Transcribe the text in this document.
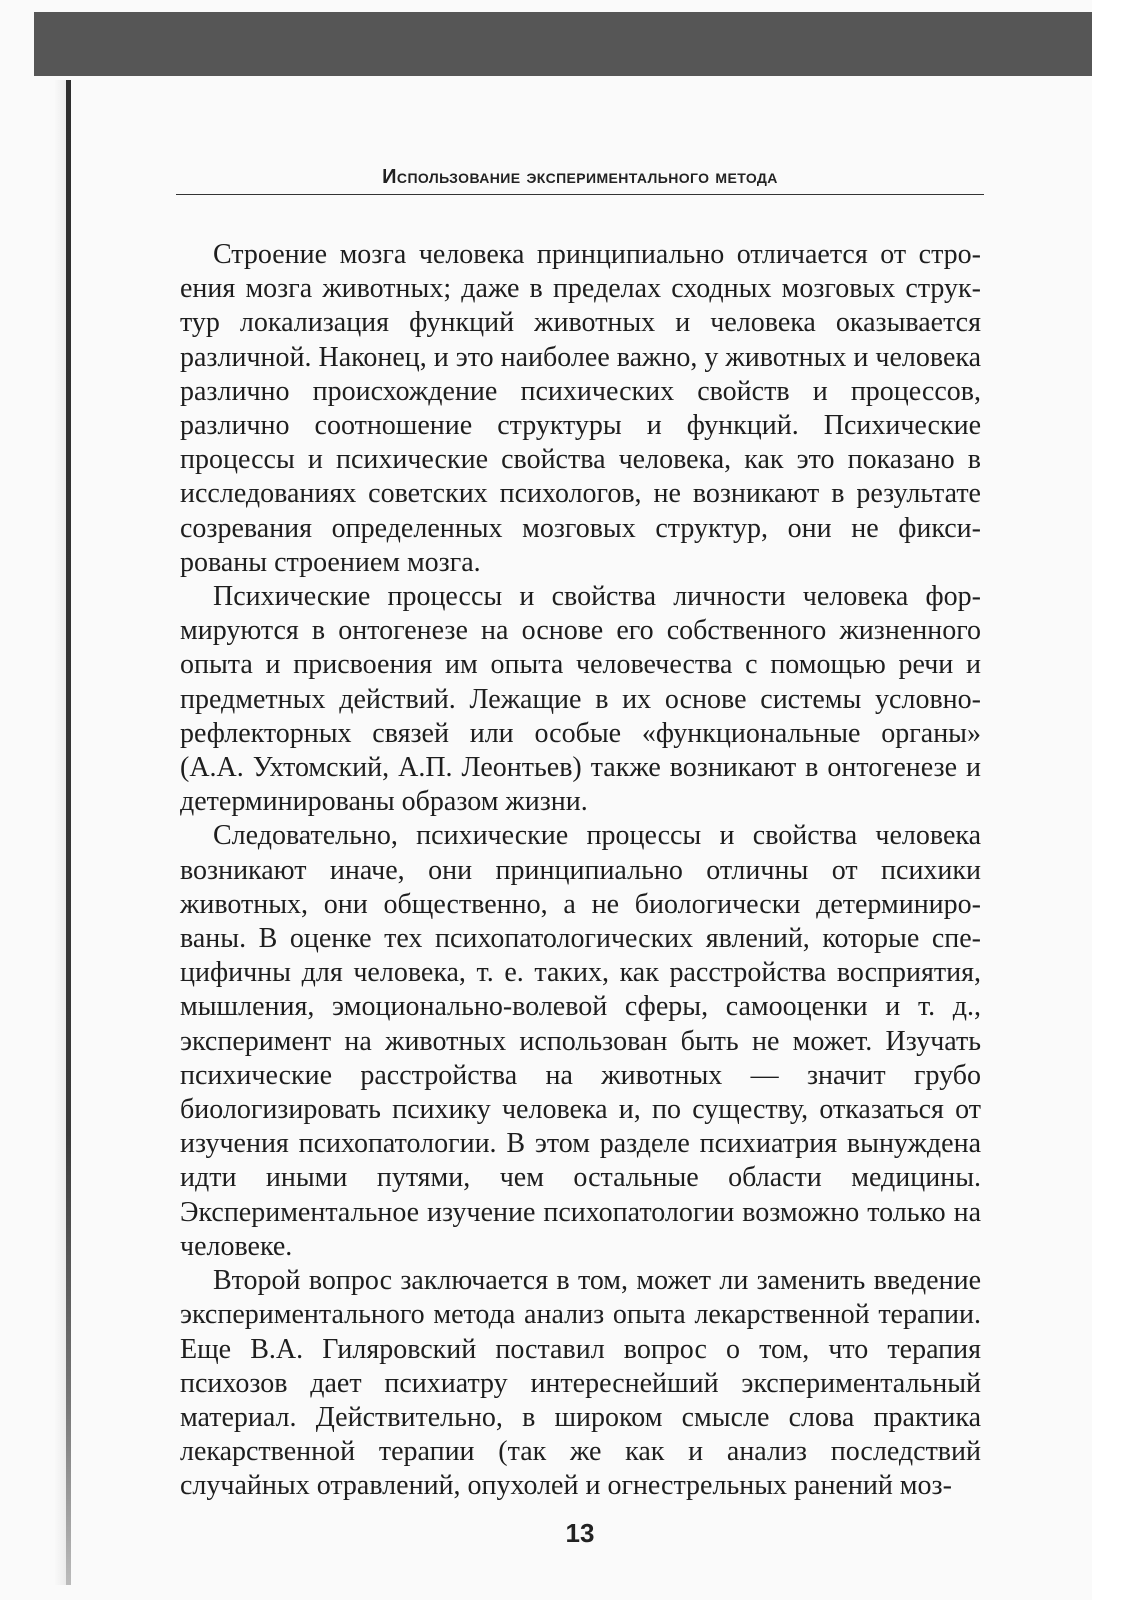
Использование экспериментального метода

Строение мозга человека принципиально отличается от строения мозга животных; даже в пределах сходных мозговых структур локализация функций животных и человека оказывается различной. Наконец, и это наиболее важно, у животных и человека различно происхождение психических свойств и процессов, различно соотношение структуры и функций. Психические процессы и психические свойства человека, как это показано в исследованиях советских психологов, не возникают в результате созревания определенных мозговых структур, они не фиксированы строением мозга.

Психические процессы и свойства личности человека формируются в онтогенезе на основе его собственного жизненного опыта и присвоения им опыта человечества с помощью речи и предметных действий. Лежащие в их основе системы условнорефлекторных связей или особые «функциональные органы» (А.А. Ухтомский, А.П. Леонтьев) также возникают в онтогенезе и детерминированы образом жизни.

Следовательно, психические процессы и свойства человека возникают иначе, они принципиально отличны от психики животных, они общественно, а не биологически детерминированы. В оценке тех психопатологических явлений, которые специфичны для человека, т. е. таких, как расстройства восприятия, мышления, эмоционально-волевой сферы, самооценки и т. д., эксперимент на животных использован быть не может. Изучать психические расстройства на животных — значит грубо биологизировать психику человека и, по существу, отказаться от изучения психопатологии. В этом разделе психиатрия вынуждена идти иными путями, чем остальные области медицины. Экспериментальное изучение психопатологии возможно только на человеке.

Второй вопрос заключается в том, может ли заменить введение экспериментального метода анализ опыта лекарственной терапии. Еще В.А. Гиляровский поставил вопрос о том, что терапия психозов дает психиатру интереснейший экспериментальный материал. Действительно, в широком смысле слова практика лекарственной терапии (так же как и анализ последствий случайных отравлений, опухолей и огнестрельных ранений моз-

13
